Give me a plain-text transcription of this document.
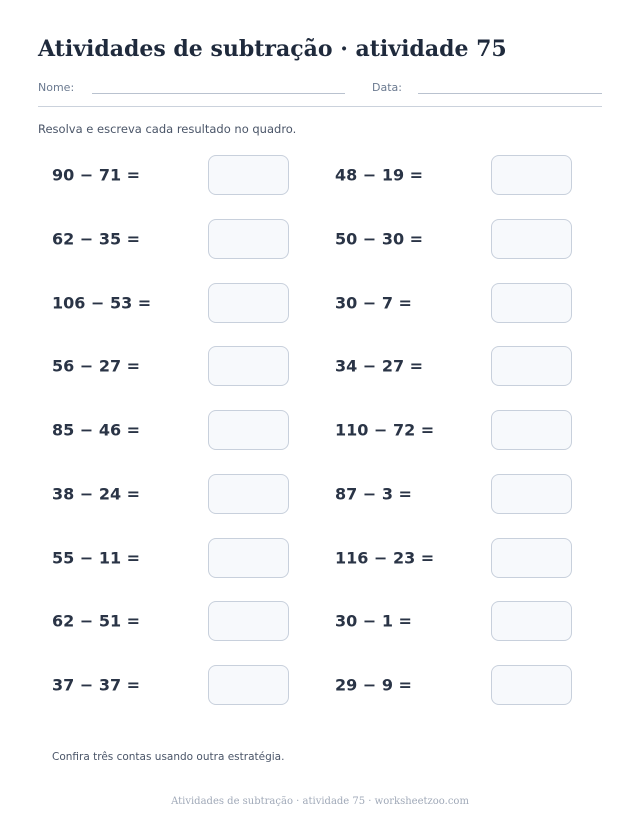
Atividades de subtração · atividade 75
Nome:	Data:
Resolva e escreva cada resultado no quadro.
90 − 71 =
62 − 35 =
106 − 53 =
56 − 27 =
85 − 46 =
38 − 24 =
55 − 11 =
62 − 51 =
37 − 37 =
48 − 19 =
50 − 30 =
30 − 7 =
34 − 27 =
110 − 72 =
87 − 3 =
116 − 23 =
30 − 1 =
29 − 9 =
Confira três contas usando outra estratégia.
Atividades de subtração · atividade 75 · worksheetzoo.com
